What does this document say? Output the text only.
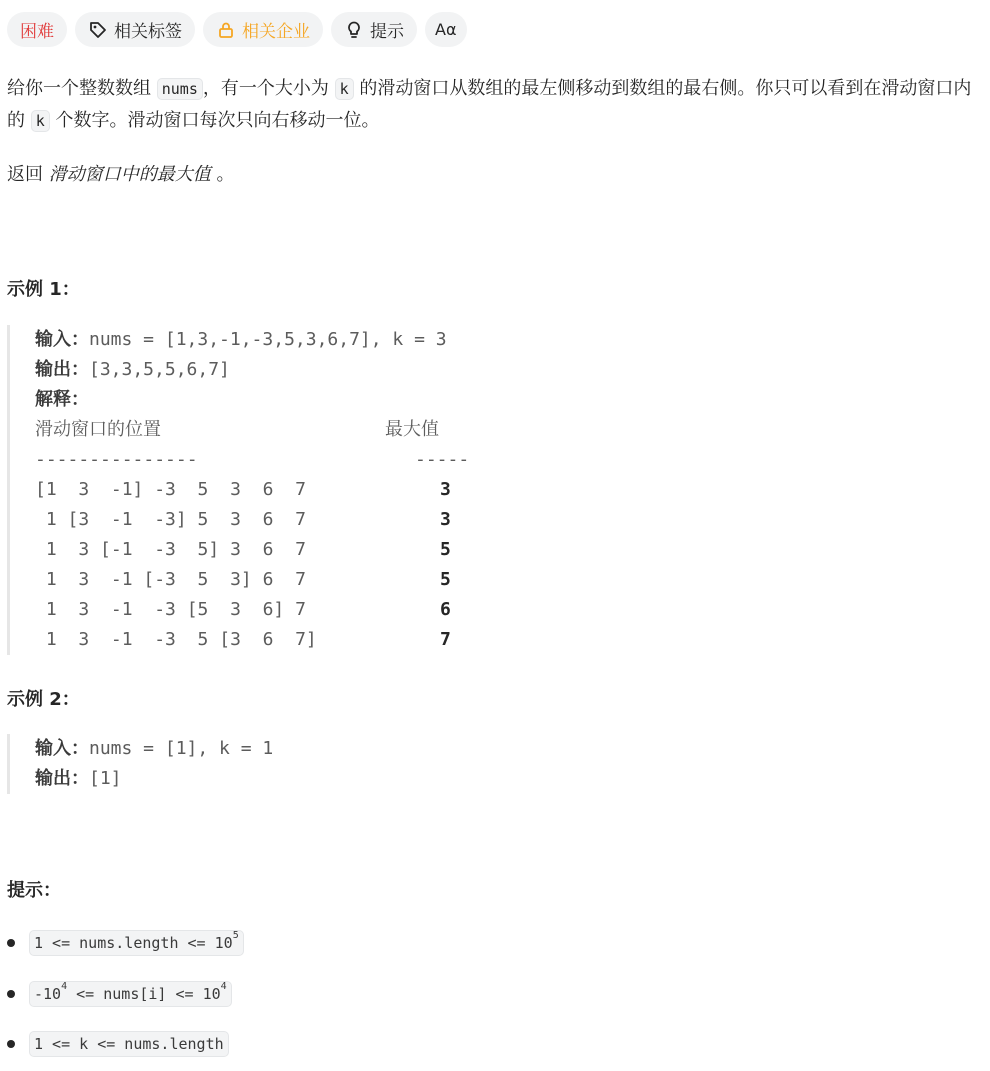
困难	相关标签	相关企业	提示 Aα
给你一个整数数组 nums ，有一个大小为 k 的滑动窗口从数组的最左侧移动到数组的最右侧。你只可以看到在滑动窗口内的 k 个数字。滑动窗口每次只向右移动一位。
返回 滑动窗口中的最大值 。
示例 1：
输入：nums = [1,3,-1,-3,5,3,6,7], k = 3
输出：[3,3,5,5,6,7]
解释：
滑动窗口的位置	最大值
---------------	-----
[1  3  -1] -3  5  3  6  7	3
1 [3  -1  -3] 5  3  6  7	3
1  3 [-1  -3  5] 3  6  7	5
1  3  -1 [-3  5  3] 6  7	5
1  3  -1  -3 [5  3  6] 7	6
1  3  -1  -3  5 [3  6  7]	7
示例 2：
输入：nums = [1], k = 1
输出：[1]
提示：
1 <= nums.length <= $10^5$
$-10^4$ <= nums[i] <= $10^4$
1 <= k <= nums.length
